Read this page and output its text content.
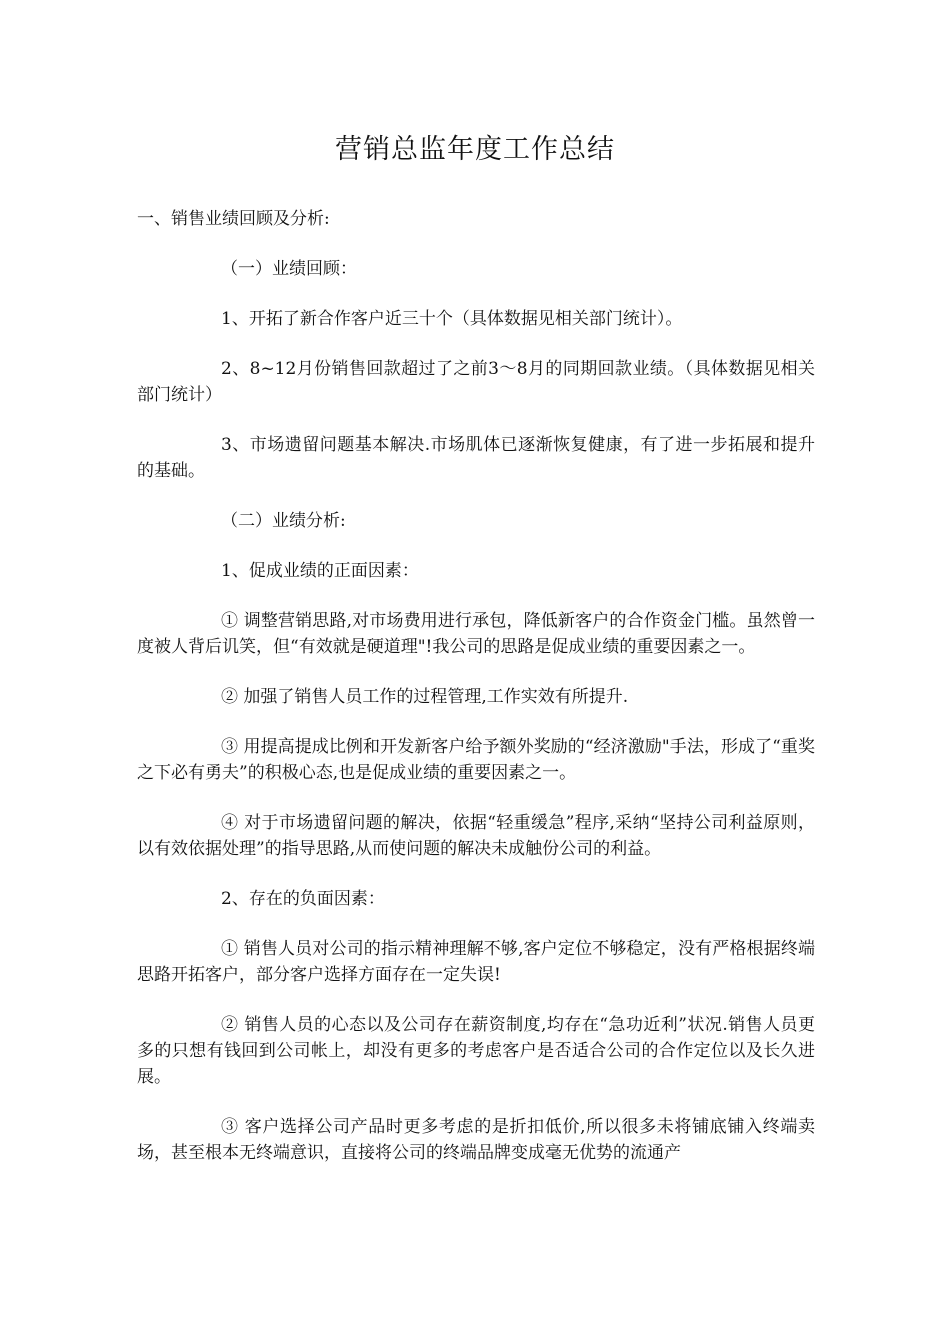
营销总监年度工作总结

一、销售业绩回顾及分析:

（一）业绩回顾：

1、开拓了新合作客户近三十个（具体数据见相关部门统计）。

2、8~12月份销售回款超过了之前3～8月的同期回款业绩。（具体数据见相关部门统计）

3、市场遗留问题基本解决.市场肌体已逐渐恢复健康，有了进一步拓展和提升的基础。

（二）业绩分析:

1、促成业绩的正面因素：

① 调整营销思路,对市场费用进行承包，降低新客户的合作资金门槛。虽然曾一度被人背后讥笑，但“有效就是硬道理"!我公司的思路是促成业绩的重要因素之一。

② 加强了销售人员工作的过程管理,工作实效有所提升.

③ 用提高提成比例和开发新客户给予额外奖励的“经济激励"手法，形成了“重奖之下必有勇夫”的积极心态,也是促成业绩的重要因素之一。

④ 对于市场遗留问题的解决，依据“轻重缓急”程序,采纳“坚持公司利益原则，以有效依据处理”的指导思路,从而使问题的解决未成触份公司的利益。

2、存在的负面因素：

① 销售人员对公司的指示精神理解不够,客户定位不够稳定，没有严格根据终端思路开拓客户，部分客户选择方面存在一定失误!

② 销售人员的心态以及公司存在薪资制度,均存在“急功近利”状况.销售人员更多的只想有钱回到公司帐上，却没有更多的考虑客户是否适合公司的合作定位以及长久进展。

③ 客户选择公司产品时更多考虑的是折扣低价,所以很多未将铺底铺入终端卖场，甚至根本无终端意识，直接将公司的终端品牌变成毫无优势的流通产
